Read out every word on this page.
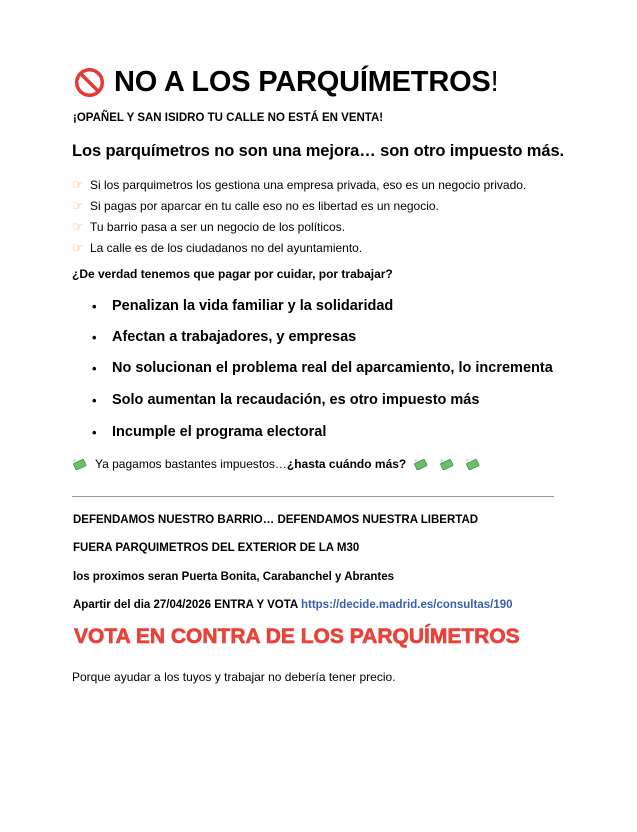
NO A LOS PARQUÍMETROS !
¡OPAÑEL Y SAN ISIDRO TU CALLE NO ESTÁ EN VENTA!
Los parquímetros no son una mejora… son otro impuesto más.
☞ Si los parquimetros los gestiona una empresa privada, eso es un negocio privado.
☞ Si pagas por aparcar en tu calle eso no es libertad es un negocio.
☞ Tu barrio pasa a ser un negocio de los políticos.
☞ La calle es de los ciudadanos no del ayuntamiento.
¿De verdad tenemos que pagar por cuidar, por trabajar?
•	Penalizan la vida familiar y la solidaridad
•	Afectan a trabajadores, y empresas
•	No solucionan el problema real del aparcamiento, lo incrementa
•	Solo aumentan la recaudación, es otro impuesto más
•	Incumple el programa electoral
Ya pagamos bastantes impuestos… ¿hasta cuándo más?
DEFENDAMOS NUESTRO BARRIO… DEFENDAMOS NUESTRA LIBERTAD
FUERA PARQUIMETROS DEL EXTERIOR DE LA M30
los proximos seran Puerta Bonita, Carabanchel y Abrantes
Apartir del dia 27/04/2026 ENTRA Y VOTA https://decide.madrid.es/consultas/190
VOTA EN CONTRA DE LOS PARQUÍMETROS
Porque ayudar a los tuyos y trabajar no debería tener precio.
